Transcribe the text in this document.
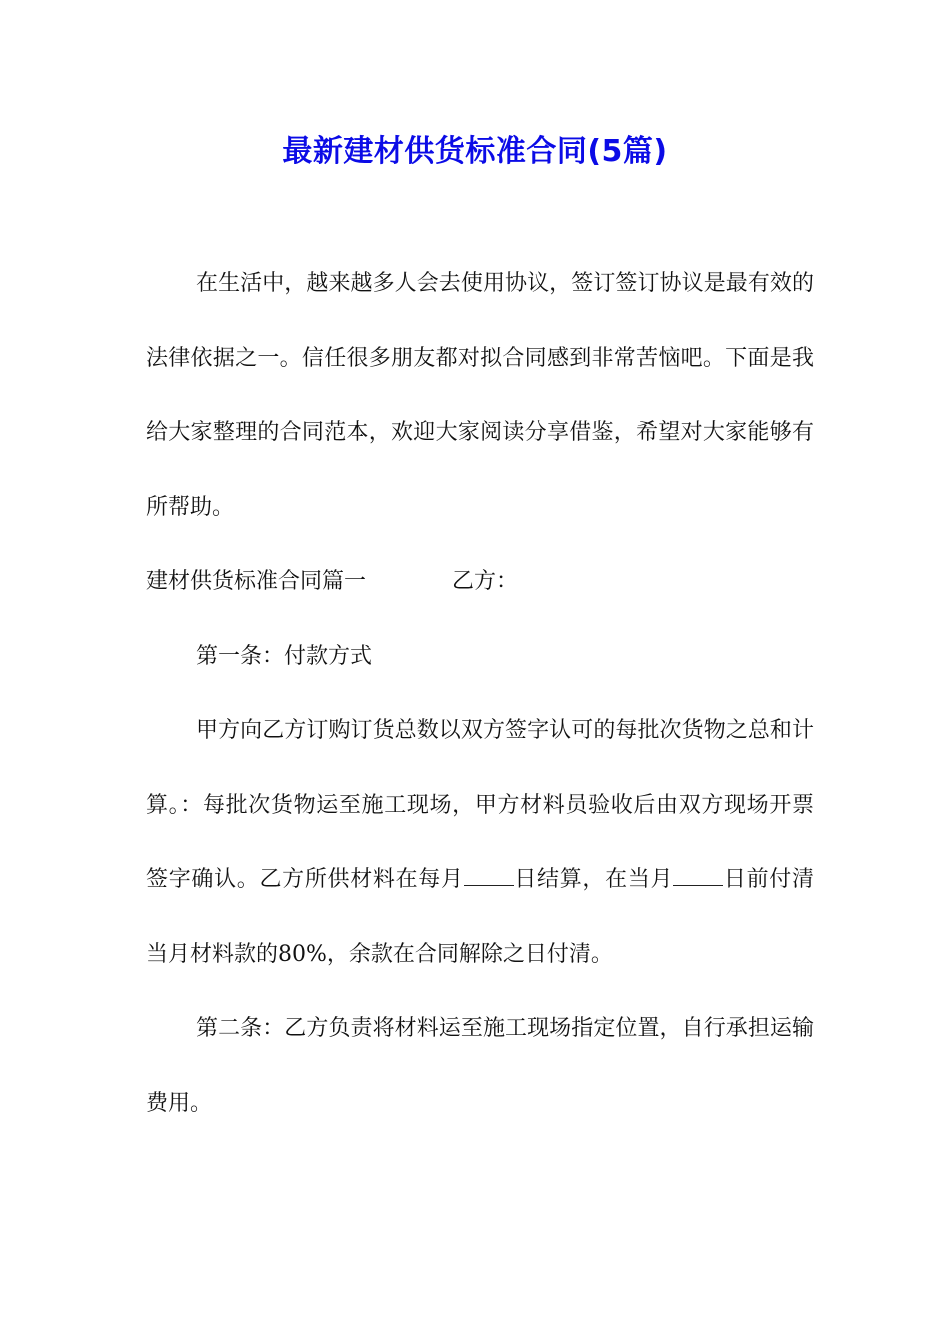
最新建材供货标准合同(5篇)

在生活中，越来越多人会去使用协议，签订签订协议是最有效的法律依据之一。信任很多朋友都对拟合同感到非常苦恼吧。下面是我给大家整理的合同范本，欢迎大家阅读分享借鉴，希望对大家能够有所帮助。

建材供货标准合同篇一	乙方：

第一条：付款方式

甲方向乙方订购订货总数以双方签字认可的每批次货物之总和计算。：每批次货物运至施工现场，甲方材料员验收后由双方现场开票签字确认。乙方所供材料在每月 日结算，在当月 日前付清当月材料款的80%，余款在合同解除之日付清。

第二条：乙方负责将材料运至施工现场指定位置，自行承担运输费用。
